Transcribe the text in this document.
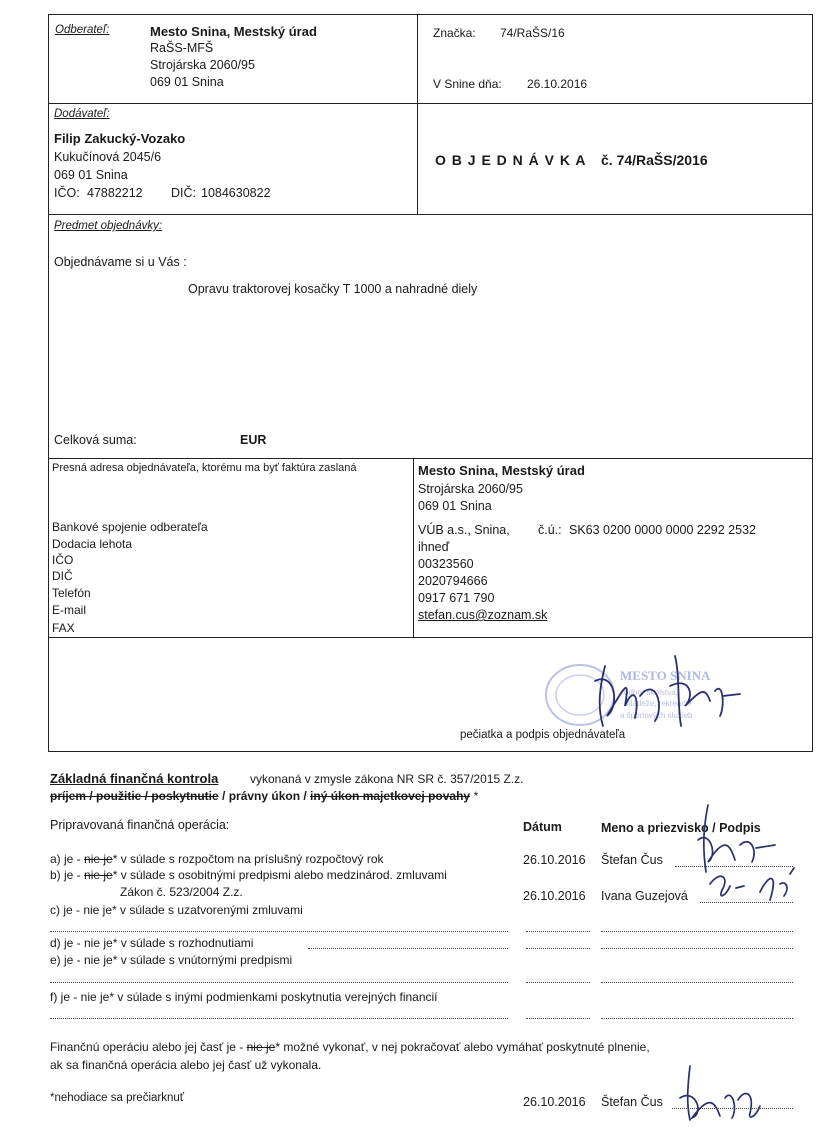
Odberateľ:	Mesto Snina, Mestský úrad
RaŠS-MFŠ
Strojárska 2060/95
069 01 Snina
Značka: 74/RaŠS/16
V Snine dňa: 26.10.2016
Dodávateľ:
Filip Zakucký-Vozako
Kukučínová 2045/6
069 01 Snina
IČO: 47882212 DIČ: 1084630822
O B J E D N Á V K A č. 74/RaŠS/2016
Predmet objednávky:
Objednávame si u Vás :
Opravu traktorovej kosačky T 1000 a nahradné diely
Celková suma:	EUR
Presná adresa objednávateľa, ktorému ma byť faktúra zaslaná	Mesto Snina, Mestský úrad
Strojárska 2060/95
069 01 Snina
Bankové spojenie odberateľa	VÚB a.s., Snina, č.ú.: SK63 0200 0000 0000 2292 2532
Dodacia lehota	ihneď
IČO	00323560
DIČ	2020794666
Telefón	0917 671 790
E-mail	stefan.cus@zoznam.sk
FAX
MESTO SNINA
odbor školstva,
mládeže, rekreácie
a športových služieb
pečiatka a podpis objednávateľa
Základná finančná kontrola	vykonaná v zmysle zákona NR SR č. 357/2015 Z.z.
príjem / použitie / poskytnutie / právny úkon / iný úkon majetkovej povahy *
Pripravovaná finančná operácia:	Dátum	Meno a priezvisko / Podpis
a) je - nie je* v súlade s rozpočtom na príslušný rozpočtový rok	26.10.2016 Štefan Čus
b) je - nie je* v súlade s osobitnými predpismi alebo medzinárod. zmluvami
Zákon č. 523/2004 Z.z.	26.10.2016 Ivana Guzejová
c) je - nie je* v súlade s uzatvorenými zmluvami
d) je - nie je* v súlade s rozhodnutiami
e) je - nie je* v súlade s vnútornými predpismi
f) je - nie je* v súlade s inými podmienkami poskytnutia verejných financií
Finančnú operáciu alebo jej časť je - nie je* možné vykonať, v nej pokračovať alebo vymáhať poskytnuté plnenie,
ak sa finančná operácia alebo jej časť už vykonala.
*nehodiace sa prečiarknuť	26.10.2016 Štefan Čus
